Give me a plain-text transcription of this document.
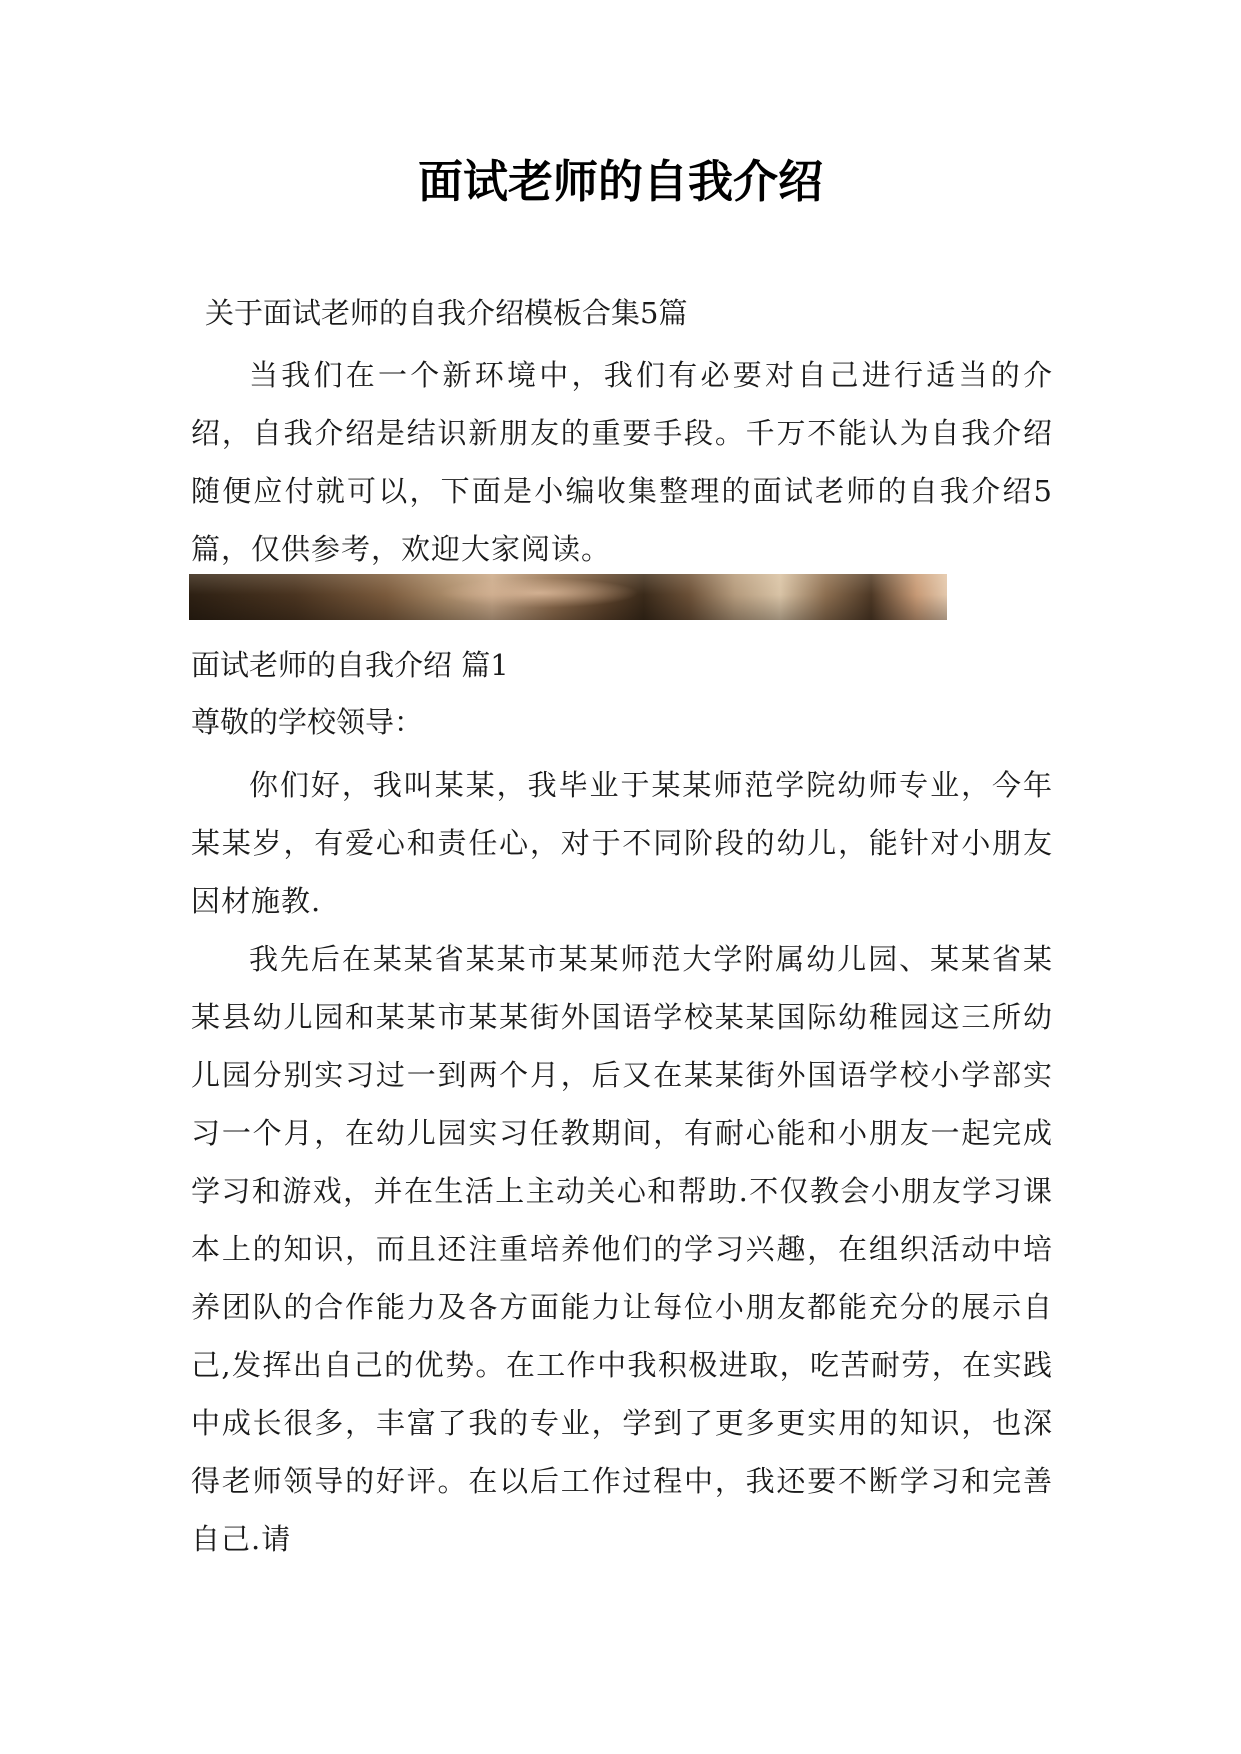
面试老师的自我介绍

关于面试老师的自我介绍模板合集5篇

当我们在一个新环境中，我们有必要对自己进行适当的介绍，自我介绍是结识新朋友的重要手段。千万不能认为自我介绍随便应付就可以，下面是小编收集整理的面试老师的自我介绍5篇，仅供参考，欢迎大家阅读。

面试老师的自我介绍 篇1

尊敬的学校领导：

你们好，我叫某某，我毕业于某某师范学院幼师专业，今年某某岁，有爱心和责任心，对于不同阶段的幼儿，能针对小朋友因材施教.

我先后在某某省某某市某某师范大学附属幼儿园、某某省某某县幼儿园和某某市某某街外国语学校某某国际幼稚园这三所幼儿园分别实习过一到两个月，后又在某某街外国语学校小学部实习一个月，在幼儿园实习任教期间，有耐心能和小朋友一起完成学习和游戏，并在生活上主动关心和帮助.不仅教会小朋友学习课本上的知识，而且还注重培养他们的学习兴趣，在组织活动中培养团队的合作能力及各方面能力让每位小朋友都能充分的展示自己,发挥出自己的优势。在工作中我积极进取，吃苦耐劳，在实践中成长很多，丰富了我的专业，学到了更多更实用的知识，也深得老师领导的好评。在以后工作过程中，我还要不断学习和完善自己.请
